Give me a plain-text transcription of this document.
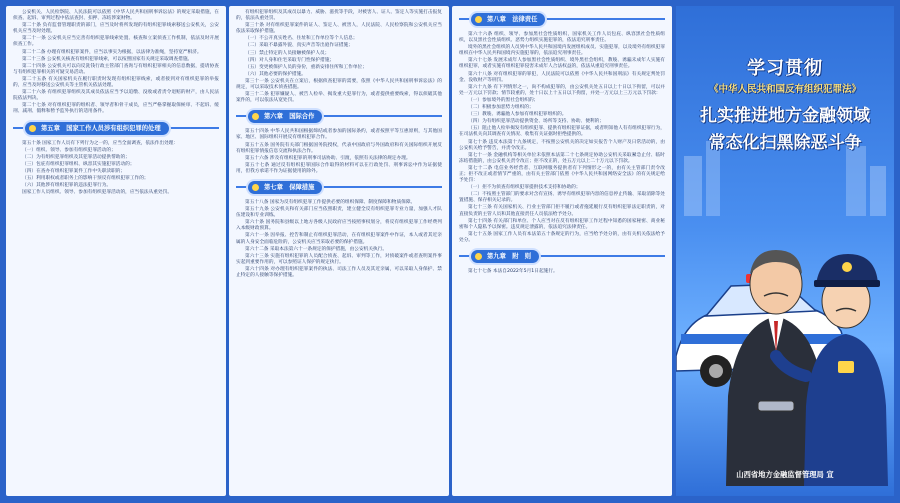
公安机关、人民检察院、人民法院可以依照《中华人民共和国刑事诉讼法》的规定采取措施，在侦查、起诉、审判过程中依法查封、扣押、冻结涉案财物。

第二十条 负有监督管理职责的部门，应当及时将所发现的有组织犯罪线索移送公安机关，公安机关应当及时处理。

第二十一条 公安机关应当完善有组织犯罪线索处置、核查和立案侦查工作机制，依法及时开展侦查工作。

第二十二条 办理有组织犯罪案件，应当以事实为根据，以法律为准绳，坚持宽严相济。

第二十三条 公安机关核查有组织犯罪线索，可以按照国家有关规定采取调查措施。

第二十四条 公安机关可以向反洗钱行政主管部门查询与有组织犯罪相关的信息数据，提请协查与有组织犯罪相关的可疑交易活动。

第二十五条 有关国家机关在履行职责时发现有组织犯罪线索，或者接到对有组织犯罪的举报的，应当及时移送公安机关等主管机关依法处理。

第二十六条 有组织犯罪组织及其成员依法应当予以追缴、没收或者责令退赔的财产，由人民法院依法判决。

第二十七条 对有组织犯罪的组织者、领导者和骨干成员，应当严格掌握取保候审、不起诉、缓刑、减刑、假释和暂予监外执行的适用条件。

第五章　国家工作人员涉有组织犯罪的处理

第五十条 国家工作人员有下列行为之一的，应当全面调查，依法作出处理：

（一）组织、领导、参加有组织犯罪活动的；

（二）为有组织犯罪组织及其犯罪活动提供帮助的；

（三）包庇有组织犯罪组织、纵容其实施犯罪活动的；

（四）在查办有组织犯罪案件工作中失职渎职的；

（五）利用职权或者职务上的影响干预反有组织犯罪工作的；

（六）其他涉有组织犯罪的违法犯罪行为。

国家工作人员组织、领导、参加有组织犯罪活动的，应当依法从重处罚。

有组织犯罪组织及其成员以暴力、威胁、滋扰等手段，对被害人、证人、鉴定人等实施打击报复的，依法从重处罚。

第三十条 对有组织犯罪案件的证人、鉴定人、被害人，人民法院、人民检察院和公安机关应当依法采取保护措施。

（一）不公开真实姓名、住址和工作单位等个人信息；

（二）采取不暴露外貌、真实声音等出庭作证措施；

（三）禁止特定的人员接触被保护人员；

（四）对人身和住宅采取专门性保护措施；

（五）变更被保护人员的身份，重新安排住所和工作单位；

（六）其他必要的保护措施。

第三十一条 公安机关在立案后，根据侦查犯罪的需要，依照《中华人民共和国刑事诉讼法》的规定，可以采取技术侦查措施。

第三十二条 犯罪嫌疑人、被告人检举、揭发重大犯罪行为，或者提供重要线索，得以侦破其他案件的，可以依法从宽处罚。

第六章　国际合作

第五十四条 中华人民共和国根据缔结或者参加的国际条约，或者按照平等互惠原则，与其他国家、地区、国际组织开展反有组织犯罪合作。

第五十五条 国务院有关部门根据国务院授权，代表中国政府与外国政府和有关国际组织开展反有组织犯罪情报信息交流和执法合作。

第五十六条 涉及有组织犯罪的刑事司法协助、引渡，依照有关法律的规定办理。

第五十七条 通过反有组织犯罪国际合作取得的材料可以在行政处罚、刑事诉讼中作为证据使用，但我方承诺不作为证据使用的除外。

第七章　保障措施

第五十八条 国家为反有组织犯罪工作提供必要的组织保障、制度保障和物质保障。

第五十九条 公安机关和有关部门应当依照职责，建立健全反有组织犯罪专业力量，加强人才队伍建设和专业训练。

第六十条 国务院和县级以上地方各级人民政府应当按照事权划分，将反有组织犯罪工作经费列入本级财政预算。

第六十一条 因举报、控告和制止有组织犯罪活动，在有组织犯罪案件中作证，本人或者其近亲属的人身安全面临危险的，公安机关应当采取必要的保护措施。

第六十二条 采取本法第六十一条规定的保护措施，由公安机关执行。

第六十三条 实施有组织犯罪的人员配合侦查、起诉、审判等工作，对侦破案件或者查明案件事实起到重要作用的，可以参照证人保护的规定执行。

第六十四条 对办理有组织犯罪案件的执法、司法工作人员及其近亲属，可以采取人身保护、禁止特定的人接触等保护措施。

第八章　法律责任

第六十六条 组织、领导、参加黑社会性质组织，国家机关工作人员包庇、纵容黑社会性质组织，以及黑社会性质组织、恶势力组织实施犯罪的，依法追究刑事责任。

境外的黑社会组织的人员到中华人民共和国境内发展组织成员、实施犯罪，以及境外有组织犯罪组织在中华人民共和国境内实施犯罪的，依法追究刑事责任。

第六十七条 发展未成年人参加黑社会性质组织、境外黑社会组织，教唆、诱骗未成年人实施有组织犯罪，或者实施有组织犯罪侵害未成年人合法权益的，依法从重追究刑事责任。

第六十八条 对有组织犯罪的罪犯，人民法院可以依照《中华人民共和国刑法》有关规定判处罚金、没收财产等刑罚。

第六十九条 有下列情形之一，尚不构成犯罪的，由公安机关处五日以上十日以下拘留，可以并处一万元以下罚款；情节较重的，处十日以上十五日以下拘留，并处一万元以上三万元以下罚款：

（一）参加境外的黑社会组织的；

（二）积极参加恶势力组织的；

（三）教唆、诱骗他人参加有组织犯罪组织的。

（四）为有组织犯罪活动提供资金、场所等支持、协助、便利的；

（五）阻止他人检举揭发有组织犯罪、提供有组织犯罪证据，或者明知他人有有组织犯罪行为，在司法机关向其调查有关情况、收集有关证据时拒绝提供的。

第七十条 违反本法第十九条规定，不按照公安机关的决定如实报告个人财产及日常活动的，由公安机关给予警告，并责令改正。

第七十一条 金融机构等相关单位未依照本法第二十七条规定协助公安机关采取紧急止付、临时冻结措施的，由公安机关责令改正；拒不改正的，处五万元以上二十万元以下罚款。

第七十二条 电信业务经营者、互联网服务提供者有下列情形之一的，由有关主管部门责令改正；拒不改正或者情节严重的，由有关主管部门依照《中华人民共和国网络安全法》的有关规定给予处罚：

（一）拒不为侦查有组织犯罪提供技术支持和协助的；

（二）不按照主管部门的要求对含有宣扬、诱导有组织犯罪内容的信息停止传输、采取消除等处置措施、保存相关记录的。

第七十三条 有关国家机关、行业主管部门拒不履行或者拖延履行反有组织犯罪法定职责的，对直接负责的主管人员和其他直接责任人员依法给予处分。

第七十四条 有关部门和单位、个人应当对在反有组织犯罪工作过程中知悉的国家秘密、商业秘密和个人隐私予以保密。违反规定泄露的，依法追究法律责任。

第七十五条 国家工作人员有本法第五十条规定的行为，应当给予处分的，由有关机关依法给予处分。

第九章　附　则

第七十七条 本法自2022年5月1日起施行。

学习贯彻
《中华人民共和国反有组织犯罪法》
扎实推进地方金融领域
常态化扫黑除恶斗争
山西省地方金融监督管理局 宣
